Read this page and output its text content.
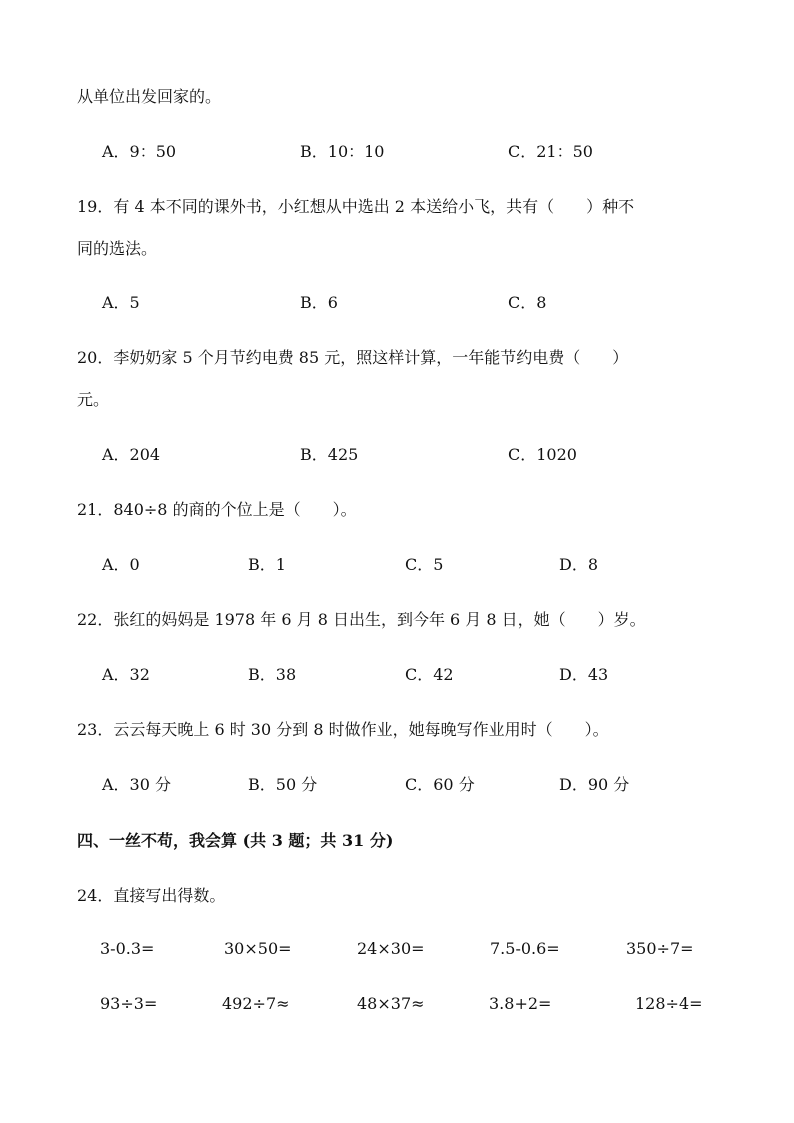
从单位出发回家的。
A．9：50	B．10：10	C．21：50
19．有 4 本不同的课外书，小红想从中选出 2 本送给小飞，共有（　　）种不
同的选法。
A．5	B．6	C．8
20．李奶奶家 5 个月节约电费 85 元，照这样计算，一年能节约电费（　　）
元。
A．204	B．425	C．1020
21．840÷8 的商的个位上是（　　）。
A．0	B．1	C．5	D．8
22．张红的妈妈是 1978 年 6 月 8 日出生，到今年 6 月 8 日，她（　　）岁。
A．32	B．38	C．42	D．43
23．云云每天晚上 6 时 30 分到 8 时做作业，她每晚写作业用时（　　）。
A．30 分	B．50 分	C．60 分	D．90 分
四、一丝不苟，我会算 (共 3 题；共 31 分)
24．直接写出得数。
3-0.3=	30×50=	24×30=	7.5-0.6=	350÷7=
93÷3=	492÷7≈	48×37≈	3.8+2=	128÷4=
